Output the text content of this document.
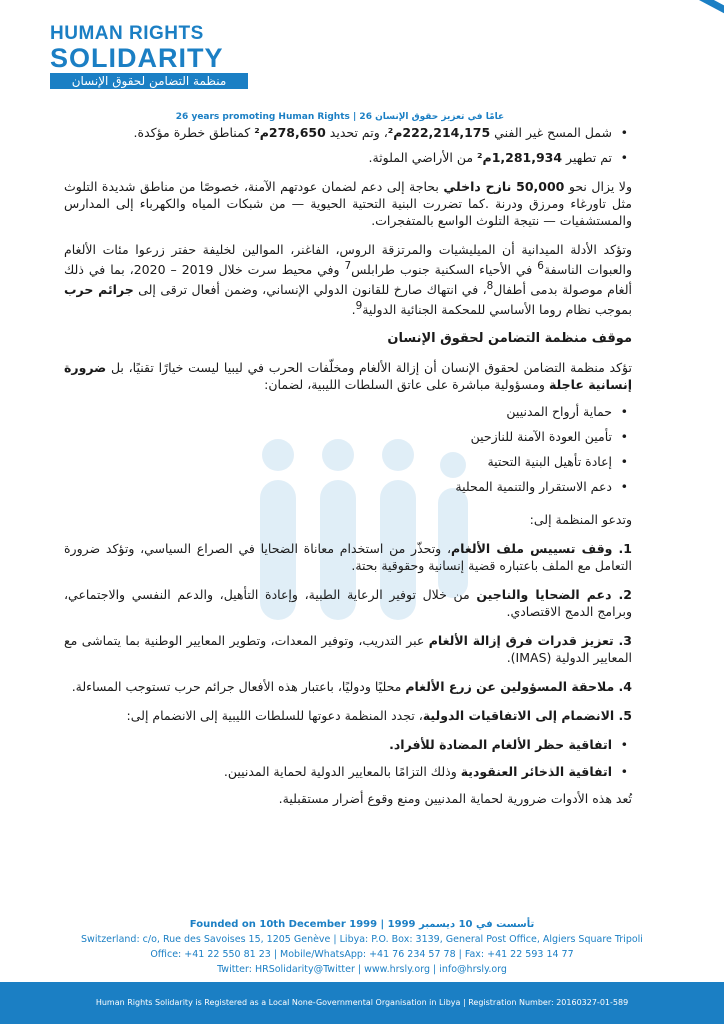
HUMAN RIGHTS
SOLIDARITY
منظمة التضامن لحقوق الإنسان
26 years promoting Human Rights | 26 عامًا في تعزيز حقوق الإنسان
• شمل المسح غير الفني 222,214,175م²، وتم تحديد 278,650م² كمناطق خطرة مؤكدة.
• تم تطهير 1,281,934م² من الأراضي الملوثة.

ولا يزال نحو 50,000 نازح داخلي بحاجة إلى دعم لضمان عودتهم الآمنة، خصوصًا من مناطق شديدة التلوث مثل تاورغاء ومرزق ودرنة .كما تضررت البنية التحتية الحيوية — من شبكات المياه والكهرباء إلى المدارس والمستشفيات — نتيجة التلوث الواسع بالمتفجرات.

وتؤكد الأدلة الميدانية أن الميليشيات والمرتزقة الروس، الفاغنر، الموالين لخليفة حفتر زرعوا مئات الألغام والعبوات الناسفة$^6$ في الأحياء السكنية جنوب طرابلس$^7$ وفي محيط سرت خلال 2019 – 2020، بما في ذلك ألغام موصولة بدمى أطفال$^8$، في انتهاك صارخ للقانون الدولي الإنساني، وضمن أفعال ترقى إلى جرائم حرب بموجب نظام روما الأساسي للمحكمة الجنائية الدولية$^9$.

موقف منظمة التضامن لحقوق الإنسان

تؤكد منظمة التضامن لحقوق الإنسان أن إزالة الألغام ومخلّفات الحرب في ليبيا ليست خيارًا تقنيًا، بل ضرورة إنسانية عاجلة ومسؤولية مباشرة على عاتق السلطات الليبية، لضمان:

• حماية أرواح المدنيين
• تأمين العودة الآمنة للنازحين
• إعادة تأهيل البنية التحتية
• دعم الاستقرار والتنمية المحلية

وتدعو المنظمة إلى:

1. وقف تسييس ملف الألغام، وتحذّر من استخدام معاناة الضحايا في الصراع السياسي، وتؤكد ضرورة التعامل مع الملف باعتباره قضية إنسانية وحقوقية بحتة.

2. دعم الضحايا والناجين من خلال توفير الرعاية الطبية، وإعادة التأهيل، والدعم النفسي والاجتماعي، وبرامج الدمج الاقتصادي.

3. تعزيز قدرات فرق إزالة الألغام عبر التدريب، وتوفير المعدات، وتطوير المعايير الوطنية بما يتماشى مع المعايير الدولية (IMAS).

4. ملاحقة المسؤولين عن زرع الألغام محليًا ودوليًا، باعتبار هذه الأفعال جرائم حرب تستوجب المساءلة.

5. الانضمام إلى الاتفاقيات الدولية، تجدد المنظمة دعوتها للسلطات الليبية إلى الانضمام إلى:

• اتفاقية حظر الألغام المضادة للأفراد.
• اتفاقية الذخائر العنقودية وذلك التزامًا بالمعايير الدولية لحماية المدنيين.

تُعد هذه الأدوات ضرورية لحماية المدنيين ومنع وقوع أضرار مستقبلية.

Founded on 10th December 1999 | 1999 تأسست في 10 ديسمبر
Switzerland: c/o, Rue des Savoises 15, 1205 Genève | Libya: P.O. Box: 3139, General Post Office, Algiers Square Tripoli
Office: +41 22 550 81 23 | Mobile/WhatsApp: +41 76 234 57 78 | Fax: +41 22 593 14 77
Twitter: HRSolidarity@Twitter | www.hrsly.org | info@hrsly.org
Human Rights Solidarity is Registered as a Local None-Governmental Organisation in Libya | Registration Number: 20160327-01-589
